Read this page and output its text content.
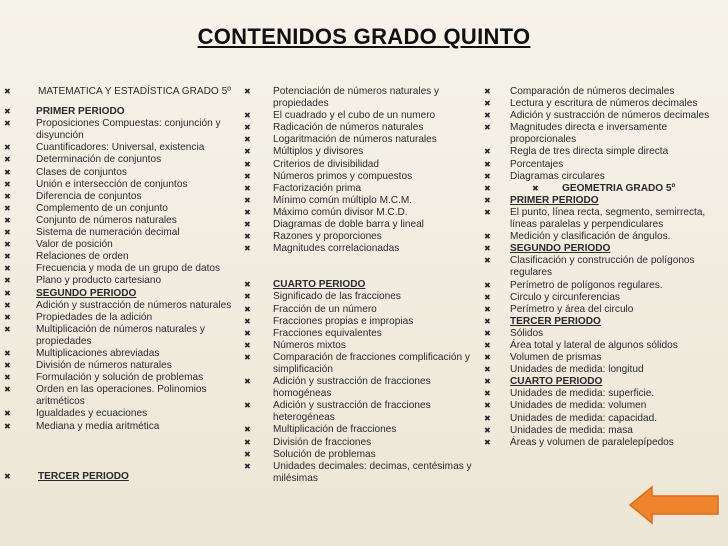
CONTENIDOS GRADO QUINTO
✖	MATEMATICA Y ESTADÍSTICA GRADO 5º
✖	PRIMER PERIODO
✖	Proposiciones Compuestas: conjunción y disyunción
✖	Cuantificadores: Universal, existencia
✖	Determinación de conjuntos
✖	Clases de conjuntos
✖	Unión e intersección de conjuntos
✖	Diferencia de conjuntos
✖	Complemento de un conjunto
✖	Conjunto de números naturales
✖	Sistema de numeración decimal
✖	Valor de posición
✖	Relaciones de orden
✖	Frecuencia y moda de un grupo de datos
✖	Plano y producto cartesiano
✖	SEGUNDO PERIODO
✖	Adición y sustracción de números naturales
✖	Propiedades de la adición
✖	Multiplicación de números naturales y propiedades
✖	Multiplicaciones abreviadas
✖	División de números naturales
✖	Formulación y solución de problemas
✖	Orden en las operaciones. Polinomios aritméticos
✖	Igualdades y ecuaciones
✖	Mediana y media aritmética
✖	TERCER PERIODO
✖ Potenciación de números naturales y propiedades
✖ El cuadrado y el cubo de un numero
✖ Radicación de números naturales
✖ Logaritmación de números naturales
✖ Múltiplos y divisores
✖ Criterios de divisibilidad
✖ Números primos y compuestos
✖ Factorización prima
✖ Mínimo común múltiplo M.C.M.
✖ Máximo común divisor M.C.D.
✖ Diagramas de doble barra y lineal
✖ Razones y proporciones
✖ Magnitudes correlacionadas
✖ CUARTO PERIODO
✖ Significado de las fracciones
✖ Fracción de un número
✖ Fracciones propias e impropias
✖ Fracciones equivalentes
✖ Números mixtos
✖ Comparación de fracciones complificación y simplificación
✖ Adición y sustracción de fracciones homogéneas
✖ Adición y sustracción de fracciones heterogéneas
✖ Multiplicación de fracciones
✖ División de fracciones
✖ Solución de problemas
✖ Unidades decimales: decimas, centésimas y milésimas
✖ Comparación de números decimales
✖ Lectura y escritura de números decimales
✖ Adición y sustracción de números decimales
✖ Magnitudes directa e inversamente proporcionales
✖ Regla de tres directa simple directa
✖ Porcentajes
✖ Diagramas circulares
✖	✖ GEOMETRIA GRADO 5º
✖ PRIMER PERIODO
✖ El punto, línea recta, segmento, semirrecta, líneas paralelas y perpendiculares
✖ Medición y clasificación de ángulos.
✖ SEGUNDO PERIODO
✖ Clasificación y construcción de polígonos regulares
✖ Perímetro de polígonos regulares.
✖ Circulo y circunferencias
✖ Perímetro y área del circulo
✖ TERCER PERIODO
✖ Sólidos
✖ Área total y lateral de algunos sólidos
✖ Volumen de prismas
✖ Unidades de medida: longitud
✖ CUARTO PERIODO
✖ Unidades de medida: superficie.
✖ Unidades de medida: volumen
✖ Unidades de medida: capacidad.
✖ Unidades de medida: masa
✖ Áreas y volumen de paralelepípedos
